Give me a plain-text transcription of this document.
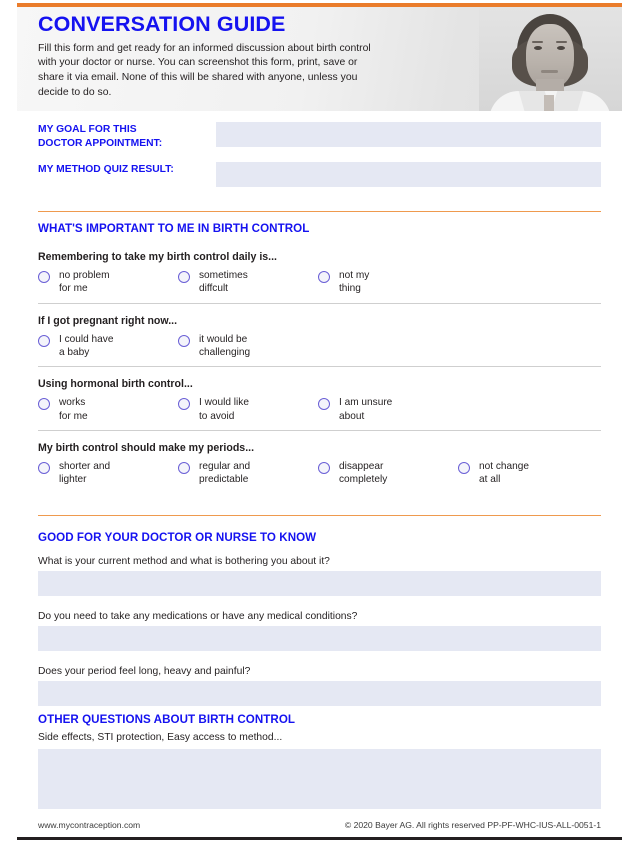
CONVERSATION GUIDE

Fill this form and get ready for an informed discussion about birth control with your doctor or nurse. You can screenshot this form, print, save or share it via email. None of this will be shared with anyone, unless you decide to do so.

MY GOAL FOR THIS
DOCTOR APPOINTMENT:
MY METHOD QUIZ RESULT:
WHAT'S IMPORTANT TO ME IN BIRTH CONTROL
Remembering to take my birth control daily is...
no problem
for me
sometimes
diffcult
not my
thing
If I got pregnant right now...
I could have
a baby
it would be
challenging
Using hormonal birth control...
works
for me
I would like
to avoid
I am unsure
about
My birth control should make my periods...
shorter and
lighter
regular and
predictable
disappear
completely
not change
at all
GOOD FOR YOUR DOCTOR OR NURSE TO KNOW
What is your current method and what is bothering you about it?
Do you need to take any medications or have any medical conditions?
Does your period feel long, heavy and painful?
OTHER QUESTIONS ABOUT BIRTH CONTROL
Side effects, STI protection, Easy access to method...
www.mycontraception.com	© 2020 Bayer AG. All rights reserved PP-PF-WHC-IUS-ALL-0051-1
